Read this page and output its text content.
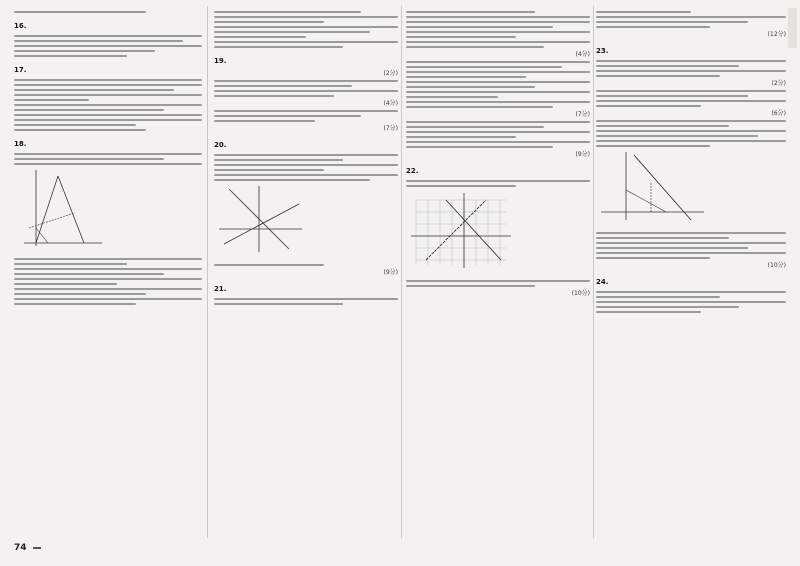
16.
17.
18.
19.
(2分)
(4分)
(7分)
20.
(9分)
21.
(4分)
(7分)
(9分)
22.
(10分)
(12分)
23.
(2分)
(6分)
(10分)
24.
74
